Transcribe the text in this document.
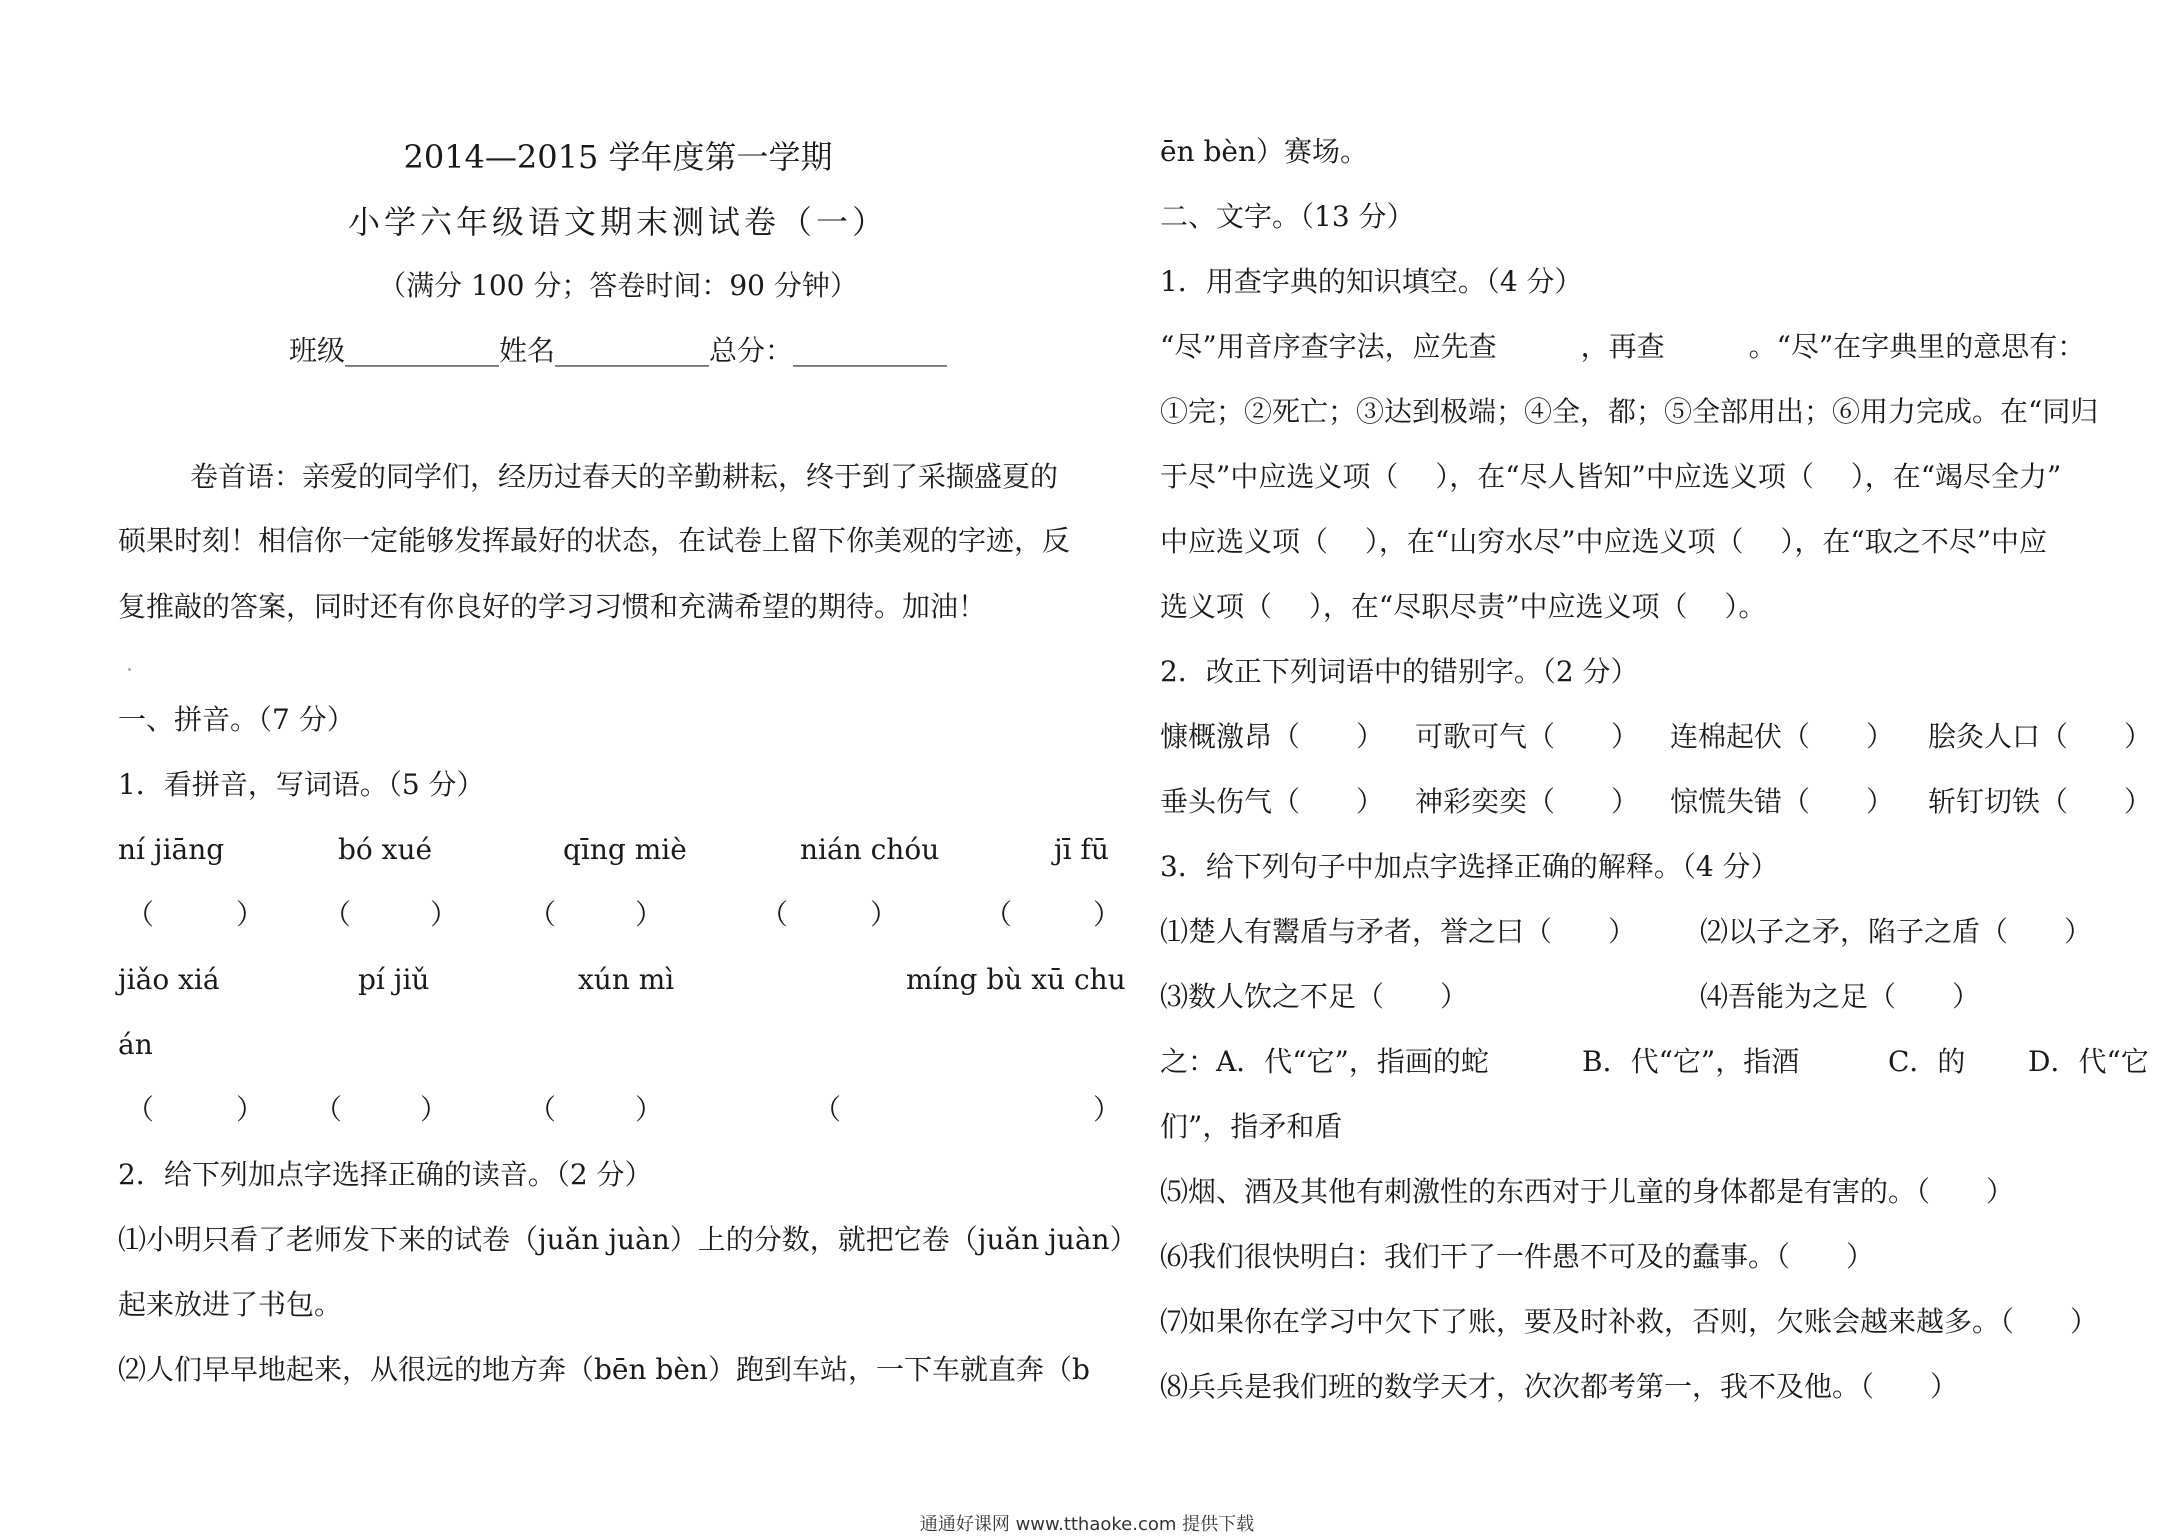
2014—2015 学年度第一学期
小学六年级语文期末测试卷（一）
（满分 100 分；答卷时间：90 分钟）
班级___________姓名___________总分：___________
卷首语：亲爱的同学们，经历过春天的辛勤耕耘，终于到了采撷盛夏的
硕果时刻！相信你一定能够发挥最好的状态，在试卷上留下你美观的字迹，反
复推敲的答案，同时还有你良好的学习习惯和充满希望的期待。加油！
一、拼音。（7 分）
1．看拼音，写词语。（5 分）
ní jiāng	bó xué	qīng miè	nián chóu	jī fū
（	） （	） （	）	（	）	（	）
jiǎo xiá	pí jiǔ	xún mì	míng bù xū chu
án
（	） （	）	（	）	（	）
2．给下列加点字选择正确的读音。（2 分）
⑴小明只看了老师发下来的试卷（juǎn juàn）上的分数，就把它卷（juǎn juàn）
起来放进了书包。
⑵人们早早地起来，从很远的地方奔（bēn bèn）跑到车站，一下车就直奔（b
ēn bèn）赛场。
二、文字。（13 分）
1．用查字典的知识填空。（4 分）
“尽”用音序查字法，应先查　　　，再查　　　。“尽”在字典里的意思有：
①完；②死亡；③达到极端；④全，都；⑤全部用出；⑥用力完成。在“同归
于尽”中应选义项（　 ），在“尽人皆知”中应选义项（　 ），在“竭尽全力”
中应选义项（　 ），在“山穷水尽”中应选义项（　 ），在“取之不尽”中应
选义项（　 ），在“尽职尽责”中应选义项（　 ）。
2．改正下列词语中的错别字。（2 分）
慷概激昂（　　） 可歌可气（　　） 连棉起伏（　　） 脍灸人口（　　）
垂头伤气（　　） 神彩奕奕（　　） 惊慌失错（　　） 斩钉切铁（　　）
3．给下列句子中加点字选择正确的解释。（4 分）
⑴楚人有鬻盾与矛者，誉之曰（　　） ⑵以子之矛，陷子之盾（　　）
⑶数人饮之不足（　　）	⑷吾能为之足（　　）
之：A．代“它”，指画的蛇	B．代“它”，指酒	C．的 D．代“它
们”，指矛和盾
⑸烟、酒及其他有刺激性的东西对于儿童的身体都是有害的。（　　）
⑹我们很快明白：我们干了一件愚不可及的蠢事。（　　）
⑺如果你在学习中欠下了账，要及时补救，否则，欠账会越来越多。（　　）
⑻兵兵是我们班的数学天才，次次都考第一，我不及他。（　　）
通通好课网 www.tthaoke.com 提供下载
